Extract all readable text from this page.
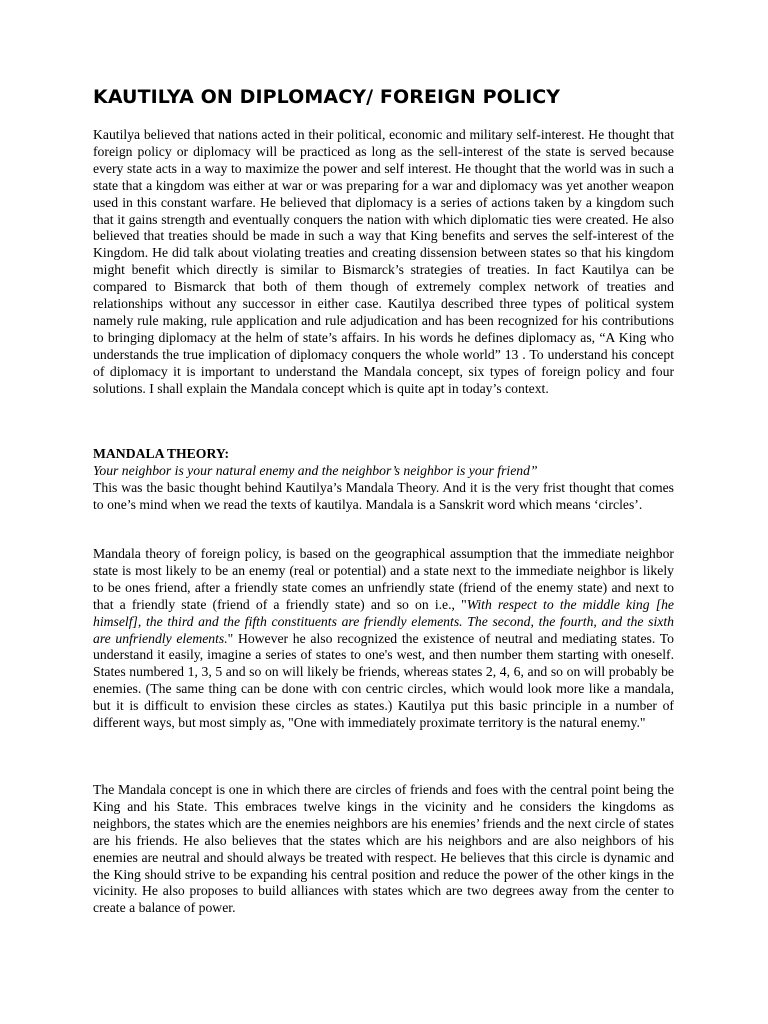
KAUTILYA ON DIPLOMACY/ FOREIGN POLICY

Kautilya believed that nations acted in their political, economic and military self-interest. He thought that foreign policy or diplomacy will be practiced as long as the sell-interest of the state is served because every state acts in a way to maximize the power and self interest. He thought that the world was in such a state that a kingdom was either at war or was preparing for a war and diplomacy was yet another weapon used in this constant warfare. He believed that diplomacy is a series of actions taken by a kingdom such that it gains strength and eventually conquers the nation with which diplomatic ties were created. He also believed that treaties should be made in such a way that King benefits and serves the self-interest of the Kingdom. He did talk about violating treaties and creating dissension between states so that his kingdom might benefit which directly is similar to Bismarck’s strategies of treaties. In fact Kautilya can be compared to Bismarck that both of them though of extremely complex network of treaties and relationships without any successor in either case. Kautilya described three types of political system namely rule making, rule application and rule adjudication and has been recognized for his contributions to bringing diplomacy at the helm of state’s affairs. In his words he defines diplomacy as, “A King who understands the true implication of diplomacy conquers the whole world” 13 . To understand his concept of diplomacy it is important to understand the Mandala concept, six types of foreign policy and four solutions. I shall explain the Mandala concept which is quite apt in today’s context.

MANDALA THEORY:

Your neighbor is your natural enemy and the neighbor’s neighbor is your friend”

This was the basic thought behind Kautilya’s Mandala Theory. And it is the very frist thought that comes to one’s mind when we read the texts of kautilya. Mandala is a Sanskrit word which means ‘circles’.

Mandala theory of foreign policy, is based on the geographical assumption that the immediate neighbor state is most likely to be an enemy (real or potential) and a state next to the immediate neighbor is likely to be ones friend, after a friendly state comes an unfriendly state (friend of the enemy state) and next to that a friendly state (friend of a friendly state) and so on i.e., "With respect to the middle king [he himself], the third and the fifth constituents are friendly elements. The second, the fourth, and the sixth are unfriendly elements." However he also recognized the existence of neutral and mediating states. To understand it easily, imagine a series of states to one's west, and then number them starting with oneself. States numbered 1, 3, 5 and so on will likely be friends, whereas states 2, 4, 6, and so on will probably be enemies. (The same thing can be done with con centric circles, which would look more like a mandala, but it is difficult to envision these circles as states.) Kautilya put this basic principle in a number of different ways, but most simply as, "One with immediately proximate territory is the natural enemy."

The Mandala concept is one in which there are circles of friends and foes with the central point being the King and his State. This embraces twelve kings in the vicinity and he considers the kingdoms as neighbors, the states which are the enemies neighbors are his enemies’ friends and the next circle of states are his friends. He also believes that the states which are his neighbors and are also neighbors of his enemies are neutral and should always be treated with respect. He believes that this circle is dynamic and the King should strive to be expanding his central position and reduce the power of the other kings in the vicinity. He also proposes to build alliances with states which are two degrees away from the center to create a balance of power.
